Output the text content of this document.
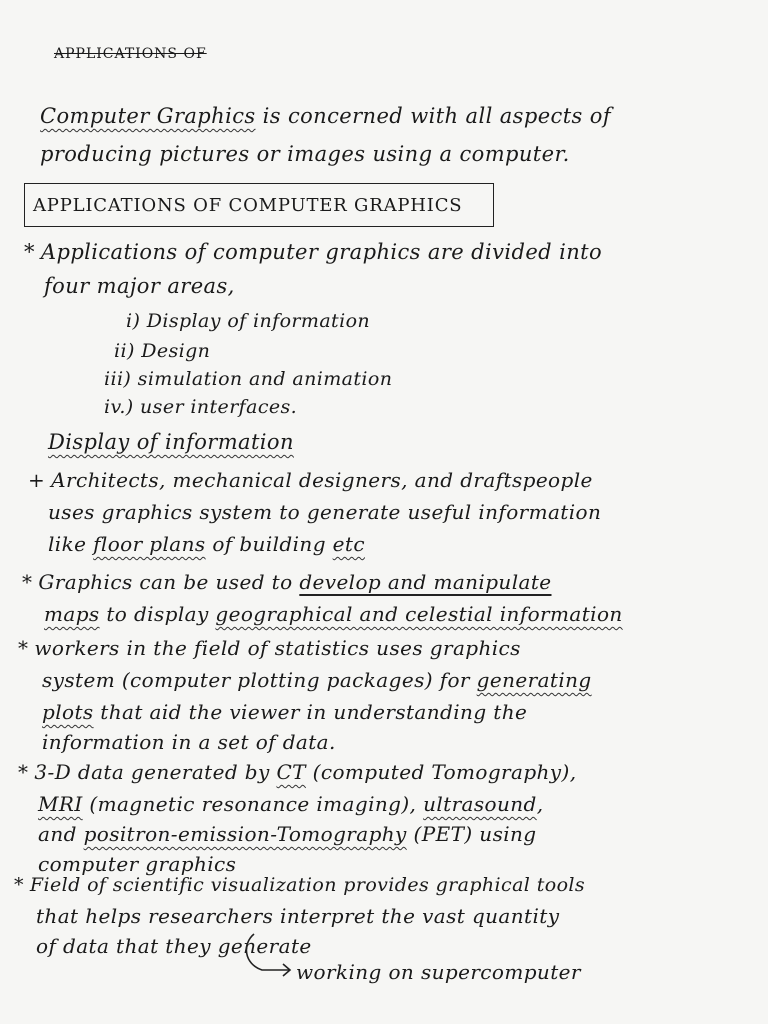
APPLICATIONS OF
Computer Graphics is concerned with all aspects of
producing pictures or images using a computer.
APPLICATIONS OF COMPUTER GRAPHICS
* Applications of computer graphics are divided into
four major areas,
i) Display of information
ii) Design
iii) simulation and animation
iv.) user interfaces.
Display of information
+ Architects, mechanical designers, and draftspeople
uses graphics system to generate useful information
like floor plans of building etc
* Graphics can be used to develop and manipulate
maps to display geographical and celestial information
* workers in the field of statistics uses graphics
system (computer plotting packages) for generating
plots that aid the viewer in understanding the
information in a set of data.
* 3-D data generated by CT (computed Tomography),
MRI (magnetic resonance imaging), ultrasound,
and positron-emission-Tomography (PET) using
computer graphics
* Field of scientific visualization provides graphical tools
that helps researchers interpret the vast quantity
of data that they generate
working on supercomputer
